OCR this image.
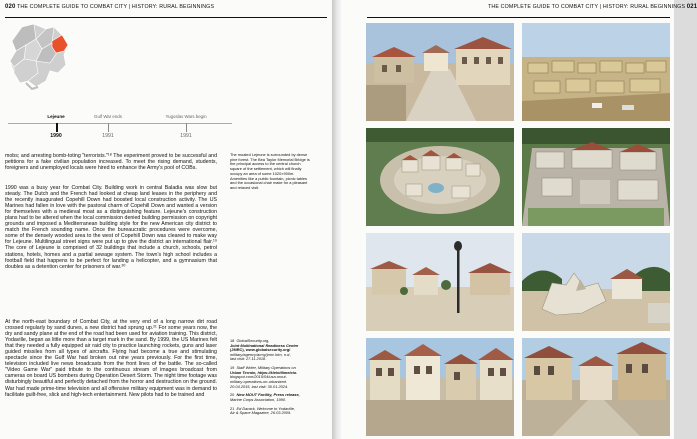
020 THE COMPLETE GUIDE TO COMBAT CITY | HISTORY: RURAL BEGINNINGS
Lejeune
1990
Gulf War ends
1991
Yugoslav Wars begin
1991
mobs; and arresting bomb-toting "terrorists."¹⁸ The experiment proved to be successful and petitions for a fake civilian population increased. To meet the rising demand, students, foreigners and unemployed locals were hired to enhance the Army's pool of COBs.
1990 was a busy year for Combat City. Building work in central Baladia was slow but steady. The Dutch and the French had looked at cheap land leases in the periphery and the recently inaugurated Copehill Down had boosted local construction activity. The US Marines had fallen in love with the pastoral charm of Copehill Down and wanted a version for themselves with a medieval moat as a distinguishing feature. Lejeune's construction plans had to be altered when the local commission denied building permission on copyright grounds and imposed a Mediterranean building style for the new American city district to match the French sounding name. Once the bureaucratic procedures were overcome, some of the densely wooded area to the west of Copehill Down was cleared to make way for Lejeune. Multilingual street signs were put up to give the district an international flair.¹⁹ The core of Lejeune is comprised of 32 buildings that include a church, schools, petrol stations, hotels, homes and a partial sewage system. The town's high school includes a football field that happens to be perfect for landing a helicopter, and a gymnasium that doubles as a detention center for prisoners of war.²⁰
At the north-east boundary of Combat City, at the very end of a long narrow dirt road crossed regularly by sand dunes, a new district had sprung up.²¹ For some years now, the dry and sandy plane at the end of the road had been used for aviation training. This district, Yodaville, began as little more than a target mark in the sand. By 1999, the US Marines felt that they needed a fully equipped air raid city to practice launching rockets, guns and laser guided missiles from all types of aircrafts. Flying had become a true and stimulating spectacle since the Gulf War had broken out nine years previously. For the first time, television included live news broadcasts from the front lines of the battle. The so-called "Video Game War" paid tribute to the continuous stream of images broadcast from cameras on board US bombers during Operation Desert Storm. The night time footage was disturbingly beautiful and perfectly detached from the horror and destruction on the ground. War had made prime-time television and all offensive military equipment was in demand to facilitate guilt-free, slick and high-tech entertainment. New pilots had to be trained and
The moated Lejeune is surrounded by dense pine forest. The Bea Taylor Memorial Bridge is the principal access to the central church square of the settlement, which will finally occupy an area of some 1020×900m. Amenities like a public fountain, picnic tables and the occasional chair make for a pleasant and relaxed visit.
18 GlobalSecurity.org,
Joint Multinational Readiness Centre
(JMRC), www.globalsecurity.org/
military/agency/army/jmrc.htm, n.d.,
last visit: 27.11.2018.
19 Staff Writer, Military Operations on
Urban Terrain, https://kleinitlimeicio.
blogspot.com/2015/04/usa-mout-
military-operations-on-urbanized.
20.04.2015, last visit: 30.01.2024.
20 New MOUT Facility, Press release,
Marine Corps Association, 1990.
21 Ed Darack, Welcome to Yodaville,
Air & Space Magazine, 26.03.2009.
THE COMPLETE GUIDE TO COMBAT CITY | HISTORY: RURAL BEGINNINGS 021
